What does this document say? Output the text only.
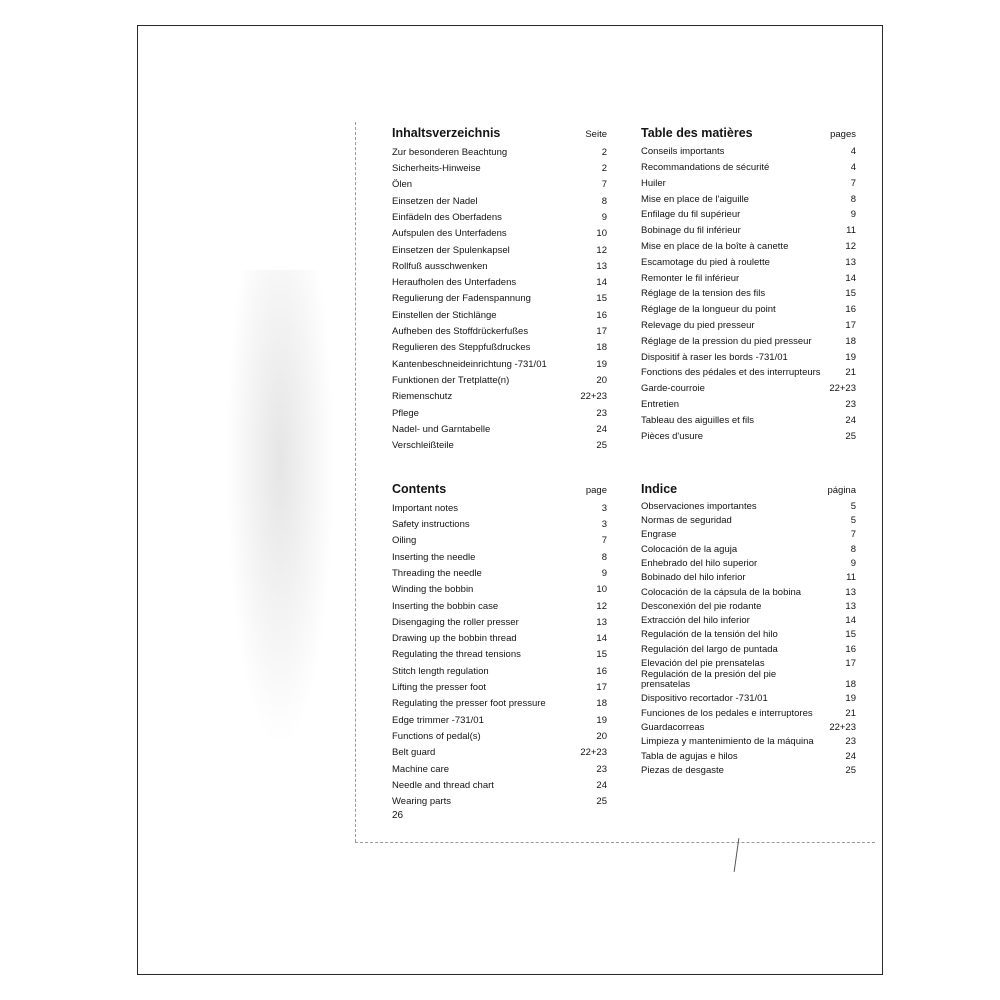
Inhaltsverzeichnis	Seite
Zur besonderen Beachtung	2
Sicherheits-Hinweise	2
Ölen	7
Einsetzen der Nadel	8
Einfädeln des Oberfadens	9
Aufspulen des Unterfadens	10
Einsetzen der Spulenkapsel	12
Rollfuß ausschwenken	13
Heraufholen des Unterfadens	14
Regulierung der Fadenspannung	15
Einstellen der Stichlänge	16
Aufheben des Stoffdrückerfußes	17
Regulieren des Steppfußdruckes	18
Kantenbeschneideinrichtung -731/01	19
Funktionen der Tretplatte(n)	20
Riemenschutz	22+23
Pflege	23
Nadel- und Garntabelle	24
Verschleißteile	25
Table des matières	pages
Conseils importants	4
Recommandations de sécurité	4
Huiler	7
Mise en place de l'aiguille	8
Enfilage du fil supérieur	9
Bobinage du fil inférieur	11
Mise en place de la boîte à canette	12
Escamotage du pied à roulette	13
Remonter le fil inférieur	14
Réglage de la tension des fils	15
Réglage de la longueur du point	16
Relevage du pied presseur	17
Réglage de la pression du pied presseur	18
Dispositif à raser les bords -731/01	19
Fonctions des pédales et des interrupteurs	21
Garde-courroie	22+23
Entretien	23
Tableau des aiguilles et fils	24
Pièces d'usure	25
Contents	page
Important notes	3
Safety instructions	3
Oiling	7
Inserting the needle	8
Threading the needle	9
Winding the bobbin	10
Inserting the bobbin case	12
Disengaging the roller presser	13
Drawing up the bobbin thread	14
Regulating the thread tensions	15
Stitch length regulation	16
Lifting the presser foot	17
Regulating the presser foot pressure	18
Edge trimmer -731/01	19
Functions of pedal(s)	20
Belt guard	22+23
Machine care	23
Needle and thread chart	24
Wearing parts	25
Indice	página
Observaciones importantes	5
Normas de seguridad	5
Engrase	7
Colocación de la aguja	8
Enhebrado del hilo superior	9
Bobinado del hilo inferior	11
Colocación de la cápsula de la bobina	13
Desconexión del pie rodante	13
Extracción del hilo inferior	14
Regulación de la tensión del hilo	15
Regulación del largo de puntada	16
Elevación del pie prensatelas	17
Regulación de la presión del pie prensatelas	18
Dispositivo recortador -731/01	19
Funciones de los pedales e interruptores	21
Guardacorreas	22+23
Limpieza y mantenimiento de la máquina	23
Tabla de agujas e hilos	24
Piezas de desgaste	25
26
